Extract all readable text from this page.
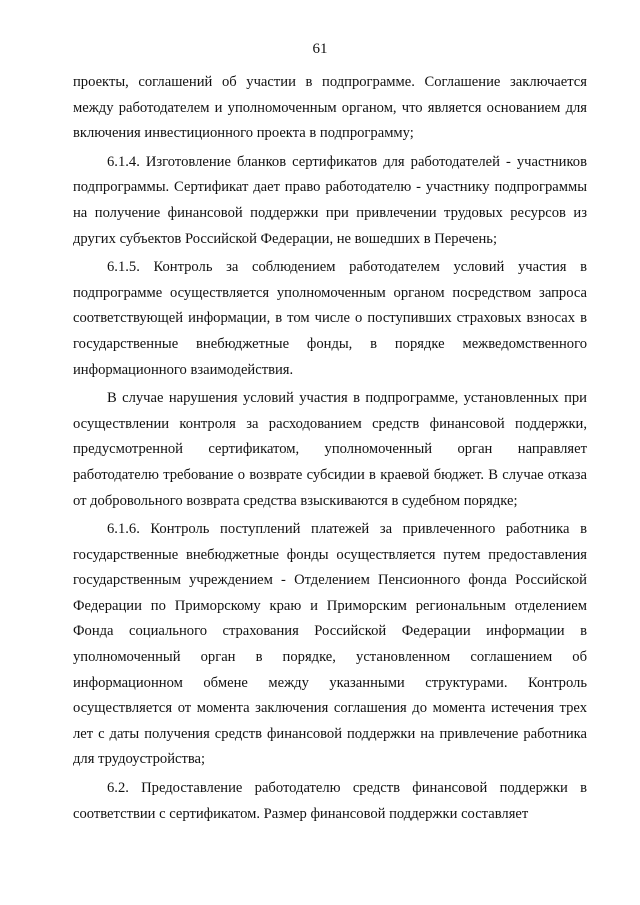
61

проекты, соглашений об участии в подпрограмме. Соглашение заключается между работодателем и уполномоченным органом, что является основанием для включения инвестиционного проекта в подпрограмму;

6.1.4. Изготовление бланков сертификатов для работодателей - участников подпрограммы. Сертификат дает право работодателю - участнику подпрограммы на получение финансовой поддержки при привлечении трудовых ресурсов из других субъектов Российской Федерации, не вошедших в Перечень;

6.1.5. Контроль за соблюдением работодателем условий участия в подпрограмме осуществляется уполномоченным органом посредством запроса соответствующей информации, в том числе о поступивших страховых взносах в государственные внебюджетные фонды, в порядке межведомственного информационного взаимодействия.

В случае нарушения условий участия в подпрограмме, установленных при осуществлении контроля за расходованием средств финансовой поддержки, предусмотренной сертификатом, уполномоченный орган направляет работодателю требование о возврате субсидии в краевой бюджет. В случае отказа от добровольного возврата средства взыскиваются в судебном порядке;

6.1.6. Контроль поступлений платежей за привлеченного работника в государственные внебюджетные фонды осуществляется путем предоставления государственным учреждением - Отделением Пенсионного фонда Российской Федерации по Приморскому краю и Приморским региональным отделением Фонда социального страхования Российской Федерации информации в уполномоченный орган в порядке, установленном соглашением об информационном обмене между указанными структурами. Контроль осуществляется от момента заключения соглашения до момента истечения трех лет с даты получения средств финансовой поддержки на привлечение работника для трудоустройства;

6.2. Предоставление работодателю средств финансовой поддержки в соответствии с сертификатом. Размер финансовой поддержки составляет
